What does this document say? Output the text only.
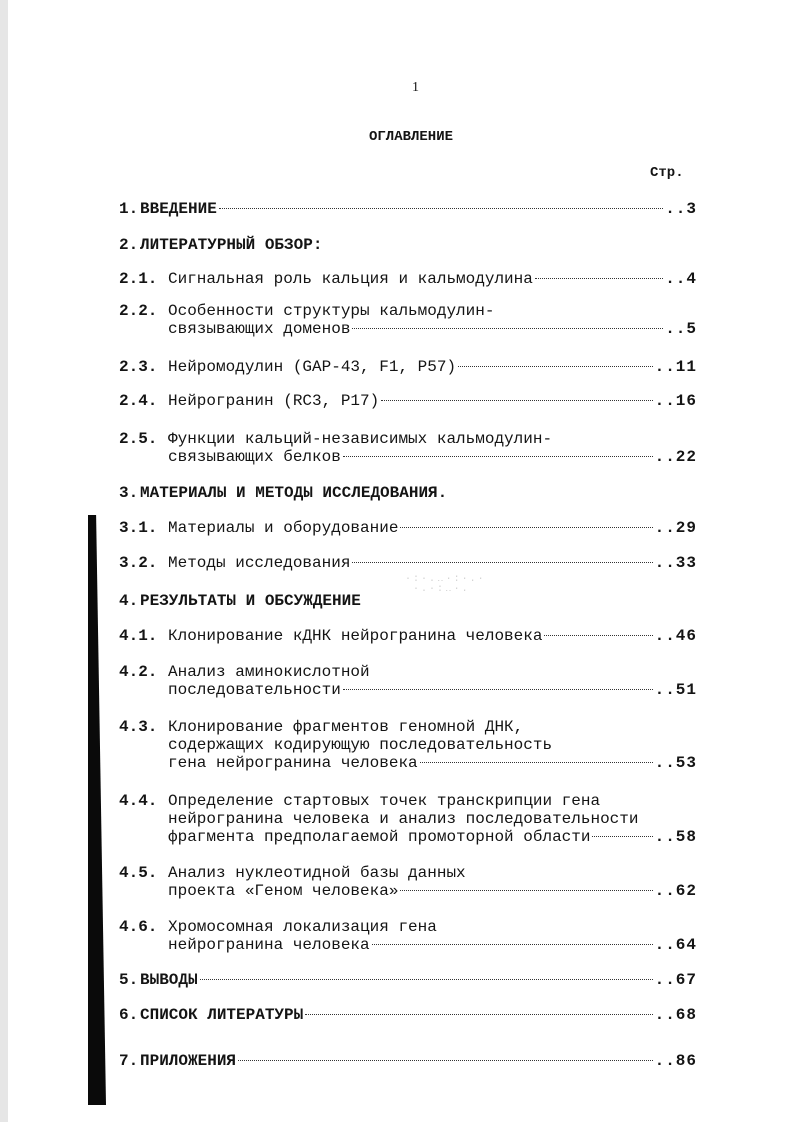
1
ОГЛАВЛЕНИЕ
Стр.
·:·.‥·:·.·
·.·:‥·.
1. ВВЕДЕНИЕ	..3
2. ЛИТЕРАТУРНЫЙ ОБЗОР:
2.1. Сигнальная роль кальция и кальмодулина	..4
2.2. Особенности структуры кальмодулин-
связывающих доменов	..5
2.3. Нейромодулин (GAP-43, F1, P57)	..11
2.4. Нейрогранин (RC3, P17)	..16
2.5. Функции кальций-независимых кальмодулин-
связывающих белков	..22
3. МАТЕРИАЛЫ И МЕТОДЫ ИССЛЕДОВАНИЯ.
3.1. Материалы и оборудование	..29
3.2. Методы исследования	..33
4. РЕЗУЛЬТАТЫ И ОБСУЖДЕНИЕ
4.1. Клонирование кДНК нейрогранина человека	..46
4.2. Анализ аминокислотной
последовательности	..51
4.3. Клонирование фрагментов геномной ДНК,
содержащих кодирующую последовательность
гена нейрогранина человека	..53
4.4. Определение стартовых точек транскрипции гена
нейрогранина человека и анализ последовательности
фрагмента предполагаемой промоторной области	..58
4.5. Анализ нуклеотидной базы данных
проекта «Геном человека»	..62
4.6. Хромосомная локализация гена
нейрогранина человека	..64
5. ВЫВОДЫ	..67
6. СПИСОК ЛИТЕРАТУРЫ	..68
7. ПРИЛОЖЕНИЯ	..86
